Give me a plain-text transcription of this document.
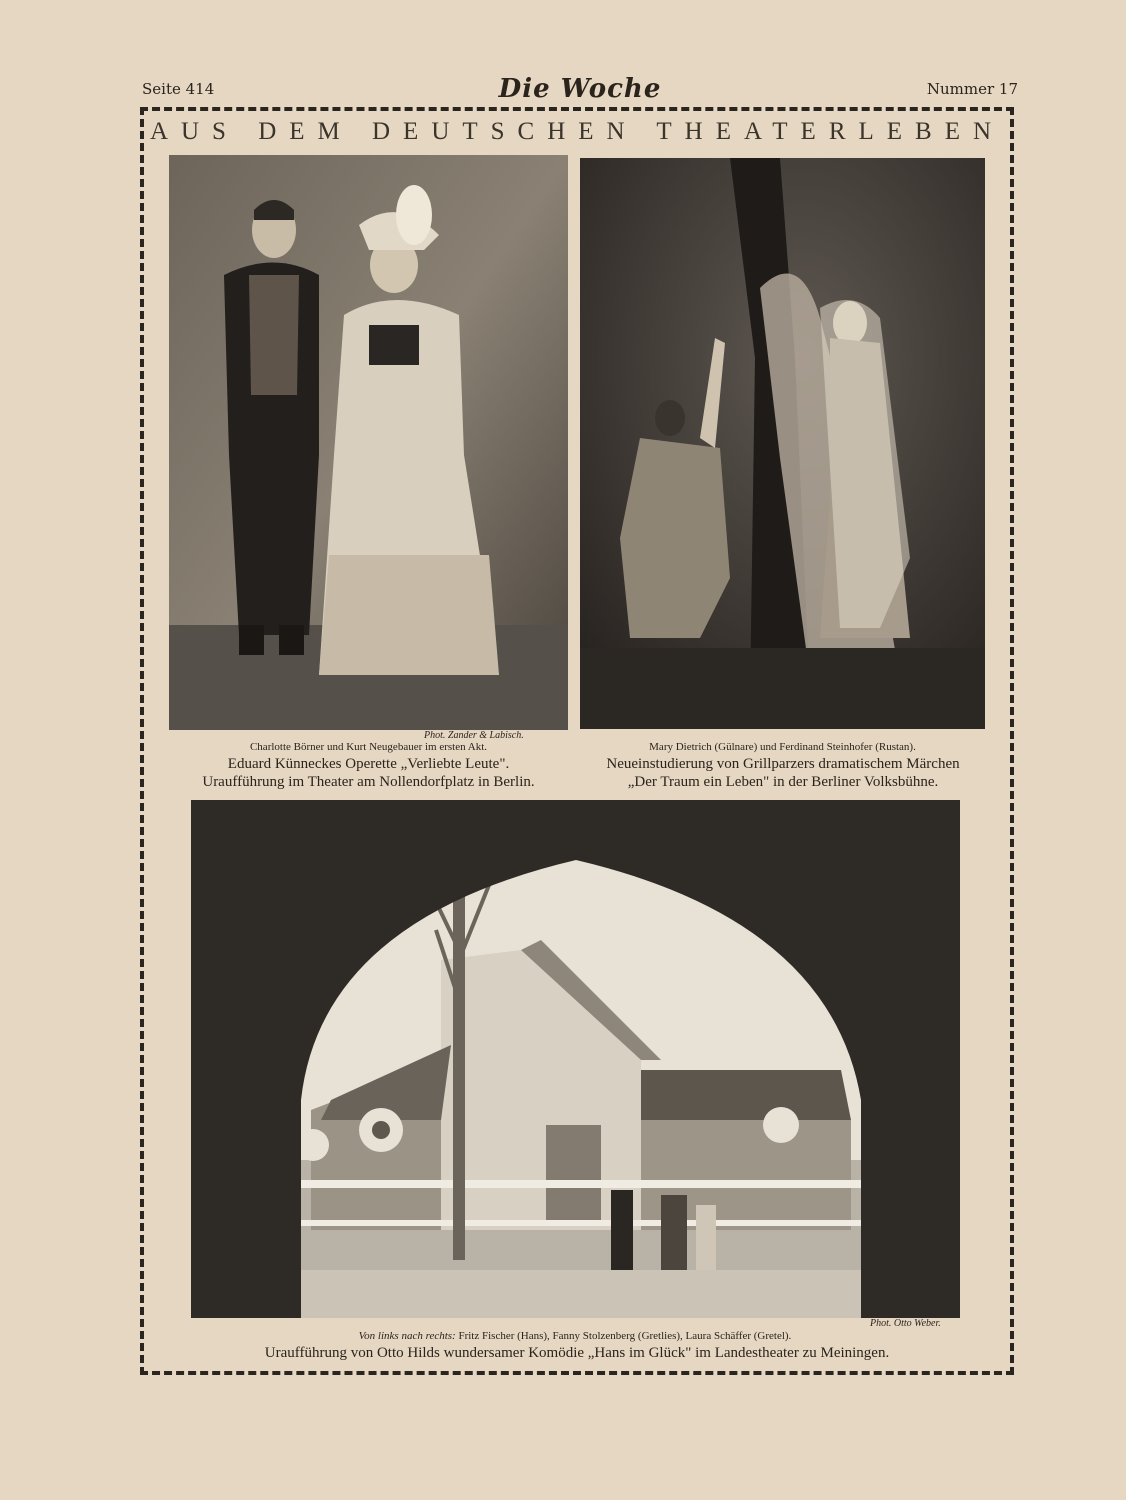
Seite 414	Die Woche	Nummer 17
AUS DEM DEUTSCHEN THEATERLEBEN
Phot. Zander & Labisch.
Charlotte Börner und Kurt Neugebauer im ersten Akt.
Eduard Künneckes Operette „Verliebte Leute".
Uraufführung im Theater am Nollendorfplatz in Berlin.
Mary Dietrich (Gülnare) und Ferdinand Steinhofer (Rustan).
Neueinstudierung von Grillparzers dramatischem Märchen
„Der Traum ein Leben" in der Berliner Volksbühne.
Phot. Otto Weber.
Von links nach rechts: Fritz Fischer (Hans), Fanny Stolzenberg (Gretlies), Laura Schäffer (Gretel).
Uraufführung von Otto Hilds wundersamer Komödie „Hans im Glück" im Landestheater zu Meiningen.
